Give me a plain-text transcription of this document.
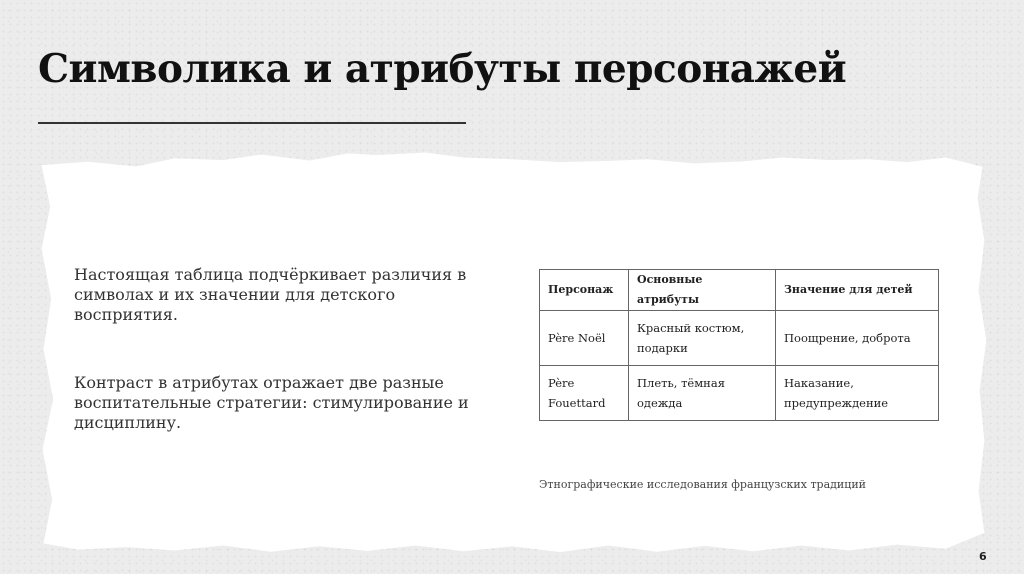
Символика и атрибуты персонажей
Настоящая таблица подчёркивает различия в символах и их значении для детского восприятия.
Контраст в атрибутах отражает две разные воспитательные стратегии: стимулирование и дисциплину.
Персонаж	Основные атрибуты	Значение для детей
Père Noël	Красный костюм, подарки	Поощрение, доброта
Père Fouettard	Плеть, тёмная одежда	Наказание, предупреждение
Этнографические исследования французских традиций
6
